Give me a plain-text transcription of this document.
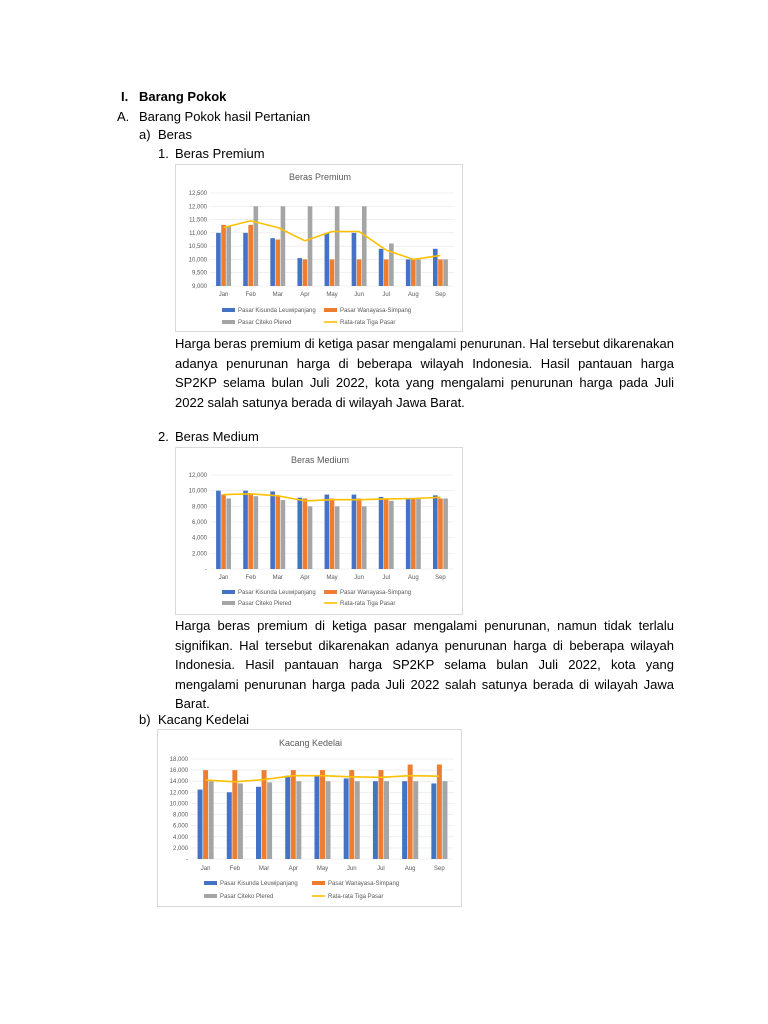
I. Barang Pokok
A. Barang Pokok hasil Pertanian
a) Beras
1. Beras Premium
Beras Premium
9,000
9,500
10,000
10,500
11,000
11,500
12,000
12,500
Jan	Feb	Mar	Apr	May	Jun	Jul	Aug	Sep
Pasar Kisunda Leuwipanjang	Pasar Wanayasa-Simpang
Pasar Citeko Plered	Rata-rata Tiga Pasar

Harga beras premium di ketiga pasar mengalami penurunan. Hal tersebut dikarenakan adanya penurunan harga di beberapa wilayah Indonesia. Hasil pantauan harga SP2KP selama bulan Juli 2022, kota yang mengalami penurunan harga pada Juli 2022 salah satunya berada di wilayah Jawa Barat.

2. Beras Medium
Beras Medium
-
2,000
4,000
6,000
8,000
10,000
12,000
Jan	Feb	Mar	Apr	May	Jun	Jul	Aug	Sep
Pasar Kisunda Leuwipanjang	Pasar Wanayasa-Simpang
Pasar Citeko Plered	Rata-rata Tiga Pasar

Harga beras premium di ketiga pasar mengalami penurunan, namun tidak terlalu signifikan. Hal tersebut dikarenakan adanya penurunan harga di beberapa wilayah Indonesia. Hasil pantauan harga SP2KP selama bulan Juli 2022, kota yang mengalami penurunan harga pada Juli 2022 salah satunya berada di wilayah Jawa Barat.

b) Kacang Kedelai
Kacang Kedelai
-
2,000
4,000
6,000
8,000
10,000
12,000
14,000
16,000
18,000
Jan	Feb	Mar	Apr	May	Jun	Jul	Aug	Sep
Pasar Kisunda Leuwipanjang	Pasar Wanayasa-Simpang
Pasar Citeko Plered	Rata-rata Tiga Pasar
